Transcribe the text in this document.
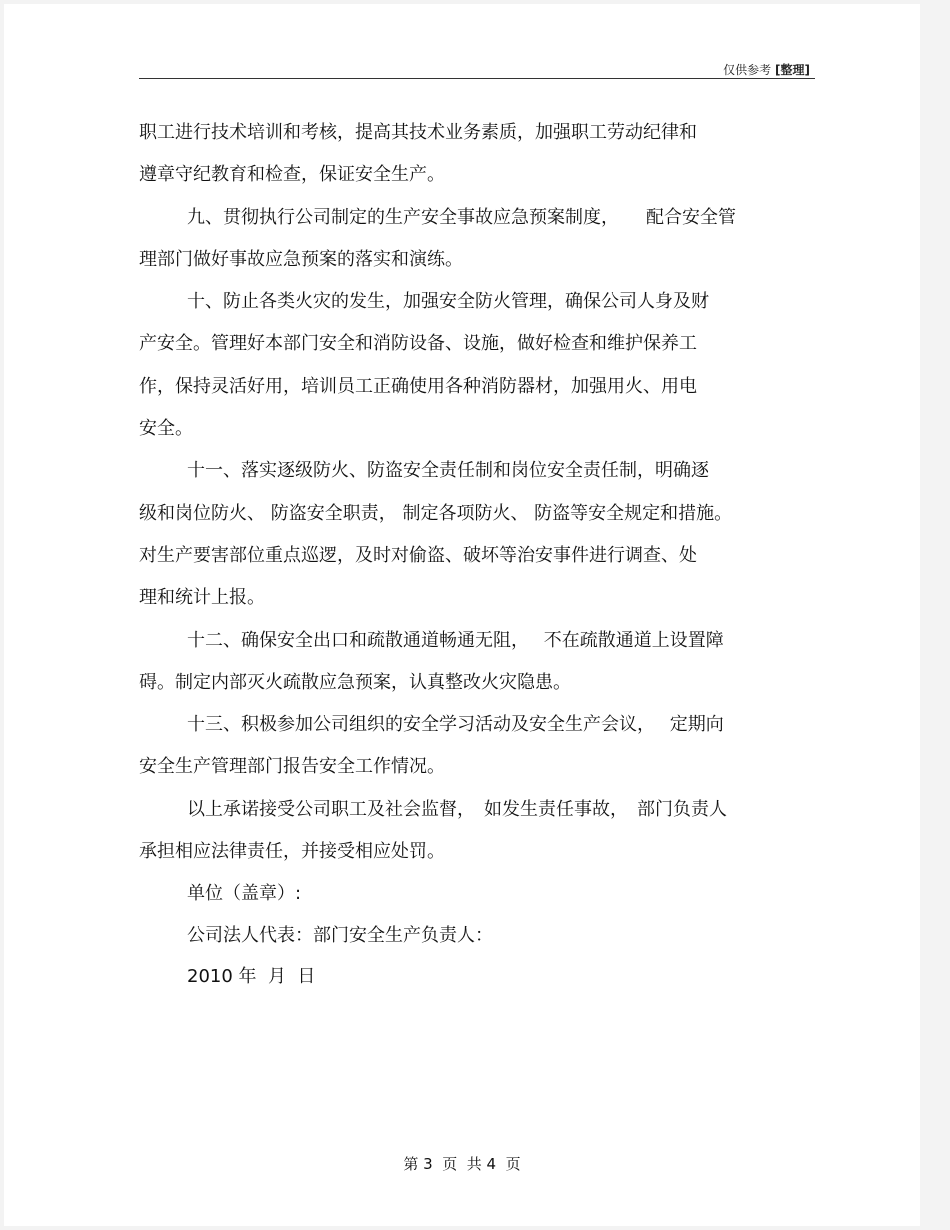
仅供参考 [整理]
职工进行技术培训和考核，提高其技术业务素质，加强职工劳动纪律和
遵章守纪教育和检查，保证安全生产。
九、贯彻执行公司制定的生产安全事故应急预案制度，　　配合安全管
理部门做好事故应急预案的落实和演练。
十、防止各类火灾的发生，加强安全防火管理，确保公司人身及财
产安全。管理好本部门安全和消防设备、设施，做好检查和维护保养工
作，保持灵活好用，培训员工正确使用各种消防器材，加强用火、用电
安全。
十一、落实逐级防火、防盗安全责任制和岗位安全责任制，明确逐
级和岗位防火、 防盗安全职责， 制定各项防火、 防盗等安全规定和措施。
对生产要害部位重点巡逻，及时对偷盗、破坏等治安事件进行调查、处
理和统计上报。
十二、确保安全出口和疏散通道畅通无阻，　 不在疏散通道上设置障
碍。制定内部灭火疏散应急预案，认真整改火灾隐患。
十三、积极参加公司组织的安全学习活动及安全生产会议，　 定期向
安全生产管理部门报告安全工作情况。
以上承诺接受公司职工及社会监督，　如发生责任事故，　部门负责人
承担相应法律责任，并接受相应处罚。
单位（盖章）:
公司法人代表：部门安全生产负责人：
2010 年  月  日
第 3  页  共 4  页
